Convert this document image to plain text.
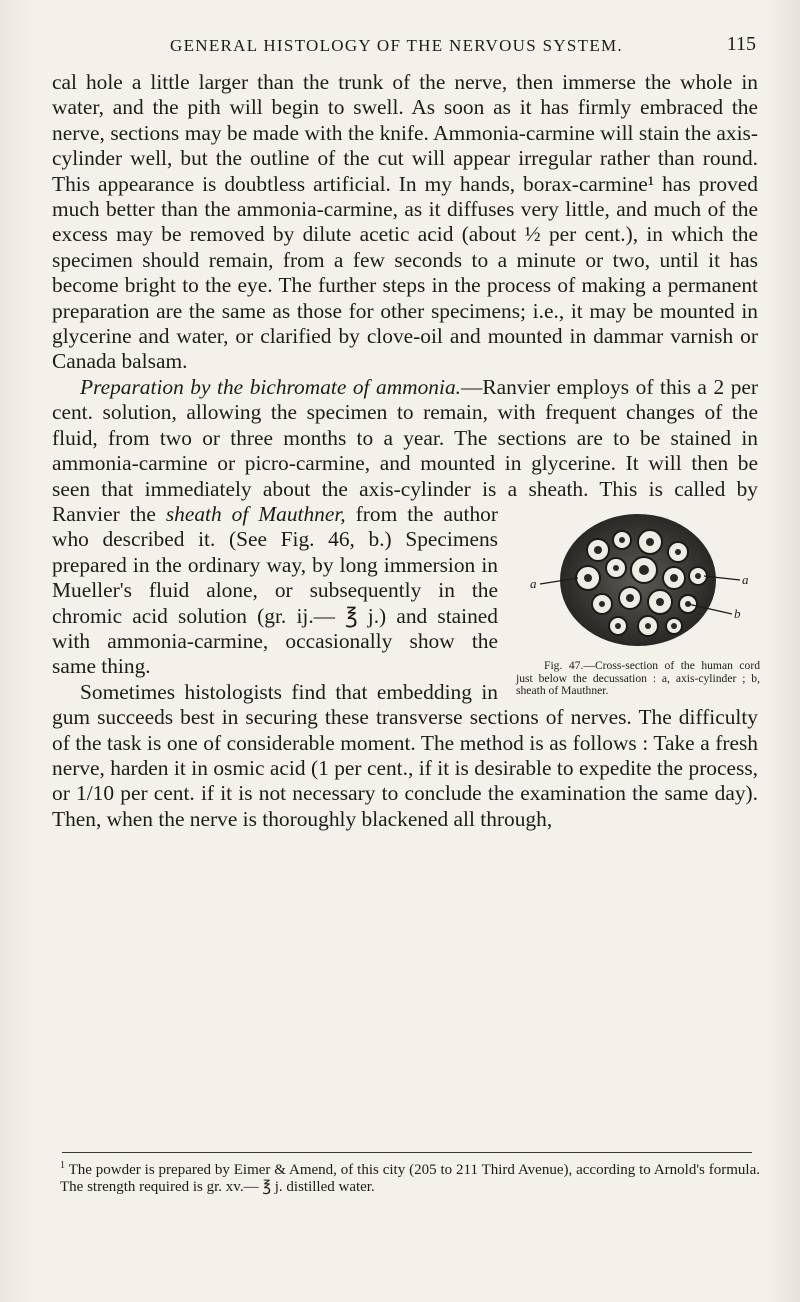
GENERAL HISTOLOGY OF THE NERVOUS SYSTEM.	115

cal hole a little larger than the trunk of the nerve, then immerse the whole in water, and the pith will begin to swell. As soon as it has firmly embraced the nerve, sections may be made with the knife. Ammonia-carmine will stain the axis-cylinder well, but the outline of the cut will appear irregular rather than round. This appearance is doubtless artificial. In my hands, borax-carmine¹ has proved much better than the ammonia-carmine, as it diffuses very little, and much of the excess may be removed by dilute acetic acid (about ½ per cent.), in which the specimen should remain, from a few seconds to a minute or two, until it has become bright to the eye. The further steps in the process of making a permanent preparation are the same as those for other specimens; i.e., it may be mounted in glycerine and water, or clarified by clove-oil and mounted in dammar varnish or Canada balsam.

Preparation by the bichromate of ammonia.—Ranvier employs of this a 2 per cent. solution, allowing the specimen to remain, with frequent changes of the fluid, from two or three months to a year. The sections are to be stained in ammonia-carmine or picro-carmine, and mounted in glycerine. It will then be seen that immediately about the axis-cylinder is a sheath. This is called by Ranvier the
a	a
b
Fig. 47.—Cross-section of the human cord just below the decussation : a, axis-cylinder ; b, sheath of Mauthner.
sheath of Mauthner, from the author who described it. (See Fig. 46, b.) Specimens prepared in the ordinary way, by long immersion in Mueller's fluid alone, or subsequently in the chromic acid solution (gr. ij.— ℥ j.) and stained with ammonia-carmine, occasionally show the same thing.

Sometimes histologists find that embedding in gum succeeds best in securing these transverse sections of nerves. The difficulty of the task is one of considerable moment. The method is as follows : Take a fresh nerve, harden it in osmic acid (1 per cent., if it is desirable to expedite the process, or 1/10 per cent. if it is not necessary to conclude the examination the same day). Then, when the nerve is thoroughly blackened all through,

$^1$ The powder is prepared by Eimer & Amend, of this city (205 to 211 Third Avenue), according to Arnold's formula. The strength required is gr. xv.— ℥ j. distilled water.
